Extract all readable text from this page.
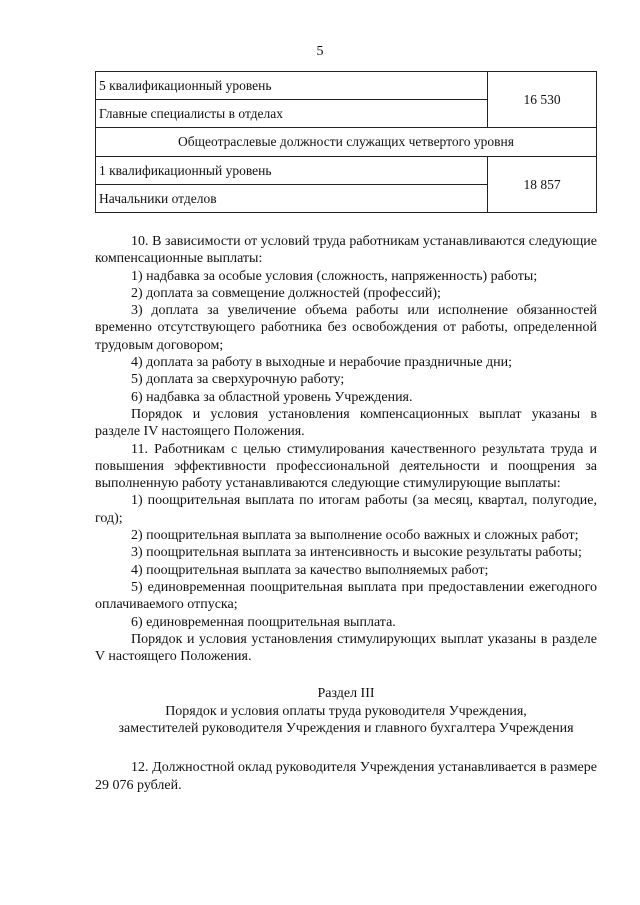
5
5 квалификационный уровень	16 530
Главные специалисты в отделах	
Общеотраслевые должности служащих четвертого уровня	
1 квалификационный уровень	18 857
Начальники отделов	

10. В зависимости от условий труда работникам устанавливаются следующие компенсационные выплаты:

1) надбавка за особые условия (сложность, напряженность) работы;

2) доплата за совмещение должностей (профессий);

3) доплата за увеличение объема работы или исполнение обязанностей временно отсутствующего работника без освобождения от работы, определенной трудовым договором;

4) доплата за работу в выходные и нерабочие праздничные дни;

5) доплата за сверхурочную работу;

6) надбавка за областной уровень Учреждения.

Порядок и условия установления компенсационных выплат указаны в разделе IV настоящего Положения.

11. Работникам с целью стимулирования качественного результата труда и повышения эффективности профессиональной деятельности и поощрения за выполненную работу устанавливаются следующие стимулирующие выплаты:

1) поощрительная выплата по итогам работы (за месяц, квартал, полугодие, год);

2) поощрительная выплата за выполнение особо важных и сложных работ;

3) поощрительная выплата за интенсивность и высокие результаты работы;

4) поощрительная выплата за качество выполняемых работ;

5) единовременная поощрительная выплата при предоставлении ежегодного оплачиваемого отпуска;

6) единовременная поощрительная выплата.

Порядок и условия установления стимулирующих выплат указаны в разделе V настоящего Положения.

Раздел III

Порядок и условия оплаты труда руководителя Учреждения,

заместителей руководителя Учреждения и главного бухгалтера Учреждения

12. Должностной оклад руководителя Учреждения устанавливается в размере 29 076 рублей.
